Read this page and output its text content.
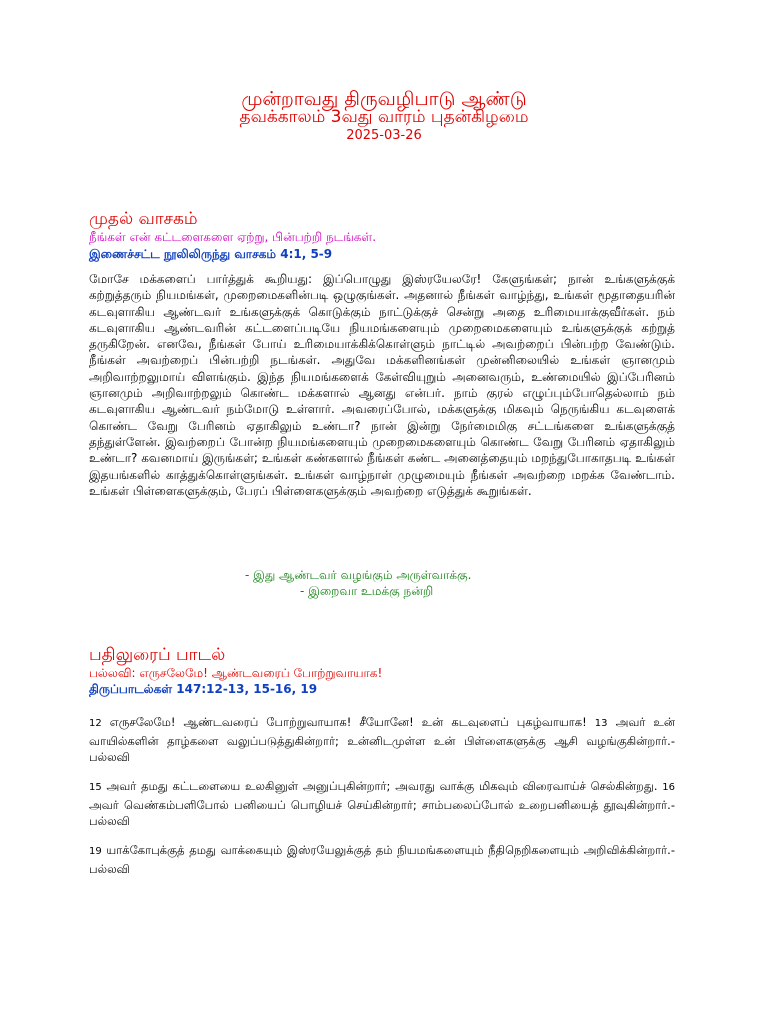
முன்றாவது திருவழிபாடு ஆண்டு
தவக்காலம் 3வது வாரம் புதன்கிழமை
2025-03-26
முதல் வாசகம்
நீங்கள் என் கட்டளைகளை ஏற்று, பின்பற்றி நடங்கள்.
இணைச்சட்ட நூலிலிருந்து வாசகம் 4:1, 5-9
மோசே மக்களைப் பார்த்துக் கூறியது: இப்பொழுது இஸ்ரயேலரே! கேளுங்கள்; நான் உங்களுக்குக் கற்றுத்தரும் நியமங்கள், முறைமைகளின்படி ஒழுகுங்கள். அதனால் நீங்கள் வாழ்ந்து, உங்கள் மூதாதையரின் கடவுளாகிய ஆண்டவர் உங்களுக்குக் கொடுக்கும் நாட்டுக்குச் சென்று அதை உரிமையாக்குவீர்கள். நம் கடவுளாகிய ஆண்டவரின் கட்டளைப்படியே நியமங்களையும் முறைமைகளையும் உங்களுக்குக் கற்றுத் தருகிறேன். எனவே, நீங்கள் போய் உரிமையாக்கிக்கொள்ளும் நாட்டில் அவற்றைப் பின்பற்ற வேண்டும். நீங்கள் அவற்றைப் பின்பற்றி நடங்கள். அதுவே மக்களினங்கள் முன்னிலையில் உங்கள் ஞானமும் அறிவாற்றலுமாய் விளங்கும். இந்த நியமங்களைக் கேள்வியுறும் அனைவரும், உண்மையில் இப்பேரினம் ஞானமும் அறிவாற்றலும் கொண்ட மக்களால் ஆனது என்பர். நாம் குரல் எழுப்பும்போதெல்லாம் நம் கடவுளாகிய ஆண்டவர் நம்மோடு உள்ளார். அவரைப்போல், மக்களுக்கு மிகவும் நெருங்கிய கடவுளைக் கொண்ட வேறு பேரினம் ஏதாகிலும் உண்டா? நான் இன்று நேர்மைமிகு சட்டங்களை உங்களுக்குத் தந்துள்ளேன். இவற்றைப் போன்ற நியமங்களையும் முறைமைகளையும் கொண்ட வேறு பேரினம் ஏதாகிலும் உண்டா? கவனமாய் இருங்கள்; உங்கள் கண்களால் நீங்கள் கண்ட அனைத்தையும் மறந்துபோகாதபடி உங்கள் இதயங்களில் காத்துக்கொள்ளுங்கள். உங்கள் வாழ்நாள் முழுமையும் நீங்கள் அவற்றை மறக்க வேண்டாம். உங்கள் பிள்ளைகளுக்கும், பேரப் பிள்ளைகளுக்கும் அவற்றை எடுத்துக் கூறுங்கள்.
- இது ஆண்டவர் வழங்கும் அருள்வாக்கு.
- இறைவா உமக்கு நன்றி
பதிலுரைப் பாடல்
பல்லவி: எருசலேமே! ஆண்டவரைப் போற்றுவாயாக!
திருப்பாடல்கள் 147:12-13, 15-16, 19
12 எருசலேமே! ஆண்டவரைப் போற்றுவாயாக! சீயோனே! உன் கடவுளைப் புகழ்வாயாக! 13 அவர் உன் வாயில்களின் தாழ்களை வலுப்படுத்துகின்றார்; உன்னிடமுள்ள உன் பிள்ளைகளுக்கு ஆசி வழங்குகின்றார்.- பல்லவி
15 அவர் தமது கட்டளையை உலகினுள் அனுப்புகின்றார்; அவரது வாக்கு மிகவும் விரைவாய்ச் செல்கின்றது. 16 அவர் வெண்கம்பளிபோல் பனியைப் பொழியச் செய்கின்றார்; சாம்பலைப்போல் உறைபனியைத் தூவுகின்றார்.- பல்லவி
19 யாக்கோபுக்குத் தமது வாக்கையும் இஸ்ரயேலுக்குத் தம் நியமங்களையும் நீதிநெறிகளையும் அறிவிக்கின்றார்.- பல்லவி
